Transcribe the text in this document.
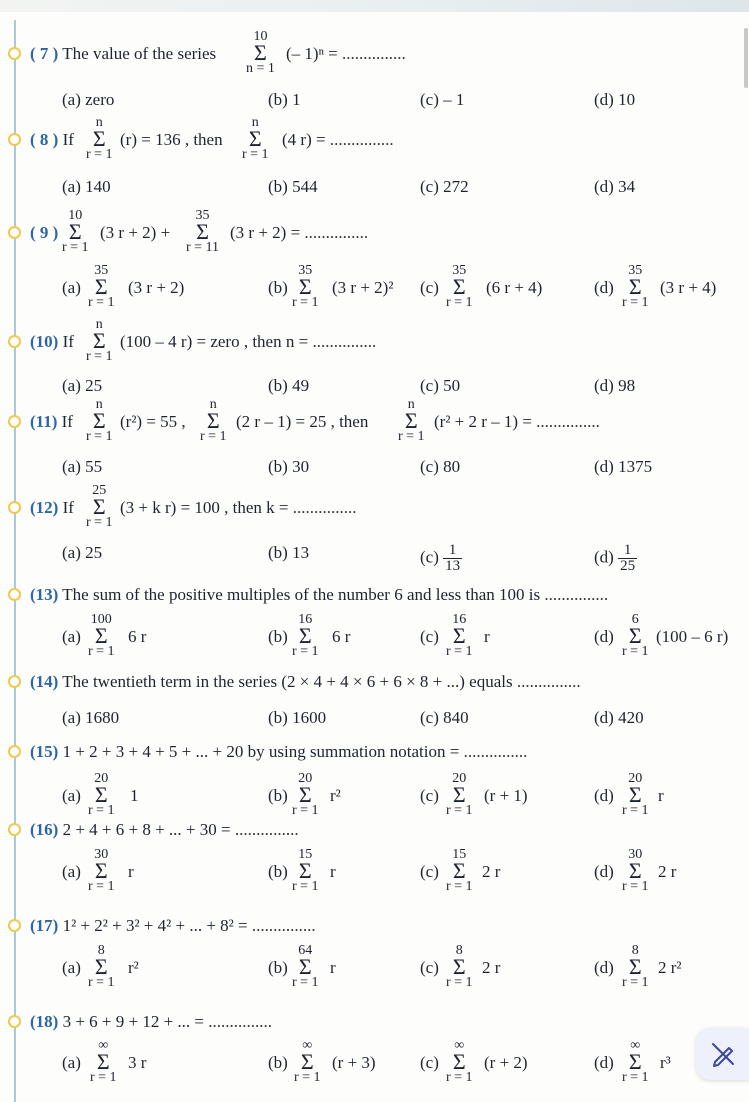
( 7 ) The value of the series
10
Σ
n = 1
(– 1)ⁿ = ...............
(a) zero	(b) 1	(c) – 1	(d) 10
( 8 ) If
n
Σ
r = 1
(r) = 136 , then
n
Σ
r = 1
(4 r) = ...............
(a) 140	(b) 544	(c) 272	(d) 34
( 9 )
10
Σ
r = 1
(3 r + 2) +
35
Σ
r = 11
(3 r + 2) = ...............
(a)
35
Σ
r = 1
(3 r + 2)	(b)
35
Σ
r = 1
(3 r + 2)² (c)
35
Σ
r = 1
(6 r + 4)	(d)
35
Σ
r = 1
(3 r + 4)
(10) If
n
Σ
r = 1
(100 – 4 r) = zero , then n = ...............
(a) 25	(b) 49	(c) 50	(d) 98
(11) If
n
Σ
r = 1
(r²) = 55 ,
n
Σ
r = 1
(2 r – 1) = 25 , then
n
Σ
r = 1
(r² + 2 r – 1) = ...............
(a) 55	(b) 30	(c) 80	(d) 1375
(12) If
25
Σ
r = 1
(3 + k r) = 100 , then k = ...............
(a) 25	(b) 13	$(c) \frac{1}{13}$	$(d) \frac{1}{25}$
(13) The sum of the positive multiples of the number 6 and less than 100 is ...............
(a)
100
Σ
r = 1
6 r	(b)
16
Σ
r = 1
6 r	(c)
16
Σ
r = 1
r	(d)
6
Σ
r = 1
(100 – 6 r)
(14) The twentieth term in the series (2 × 4 + 4 × 6 + 6 × 8 + ...) equals ...............
(a) 1680	(b) 1600	(c) 840	(d) 420
(15) 1 + 2 + 3 + 4 + 5 + ... + 20 by using summation notation = ...............
(a)
20
Σ
r = 1
1	(b)
20
Σ
r = 1
r²	(c)
20
Σ
r = 1
(r + 1)	(d)
20
Σ
r = 1
r
(16) 2 + 4 + 6 + 8 + ... + 30 = ...............
(a)
30
Σ
r = 1
r	(b)
15
Σ
r = 1
r	(c)
15
Σ
r = 1
2 r	(d)
30
Σ
r = 1
2 r
(17) 1² + 2² + 3² + 4² + ... + 8² = ...............
(a)
8
Σ
r = 1
r²	(b)
64
Σ
r = 1
r	(c)
8
Σ
r = 1
2 r	(d)
8
Σ
r = 1
2 r²
(18) 3 + 6 + 9 + 12 + ... = ...............
(a)
∞
Σ
r = 1
3 r	(b)
∞
Σ
r = 1
(r + 3)	(c)
∞
Σ
r = 1
(r + 2)	(d)
∞
Σ
r = 1
r³
